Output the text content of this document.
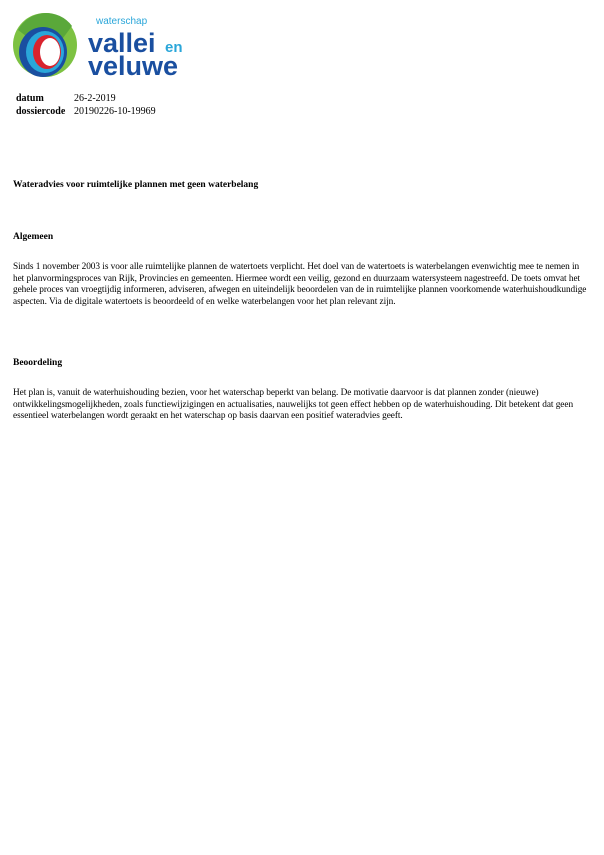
waterschap
vallei en
veluwe
datum	26-2-2019
dossiercode 20190226-10-19969
Wateradvies voor ruimtelijke plannen met geen waterbelang
Algemeen

Sinds 1 november 2003 is voor alle ruimtelijke plannen de watertoets verplicht. Het doel van de watertoets is waterbelangen evenwichtig mee te nemen in het planvormingsproces van Rijk, Provincies en gemeenten. Hiermee wordt een veilig, gezond en duurzaam watersysteem nagestreefd. De toets omvat het gehele proces van vroegtijdig informeren, adviseren, afwegen en uiteindelijk beoordelen van de in ruimtelijke plannen voorkomende waterhuishoudkundige aspecten. Via de digitale watertoets is beoordeeld of en welke waterbelangen voor het plan relevant zijn.

Beoordeling

Het plan is, vanuit de waterhuishouding bezien, voor het waterschap beperkt van belang. De motivatie daarvoor is dat plannen zonder (nieuwe) ontwikkelingsmogelijkheden, zoals functiewijzigingen en actualisaties, nauwelijks tot geen effect hebben op de waterhuishouding. Dit betekent dat geen essentieel waterbelangen wordt geraakt en het waterschap op basis daarvan een positief wateradvies geeft.
